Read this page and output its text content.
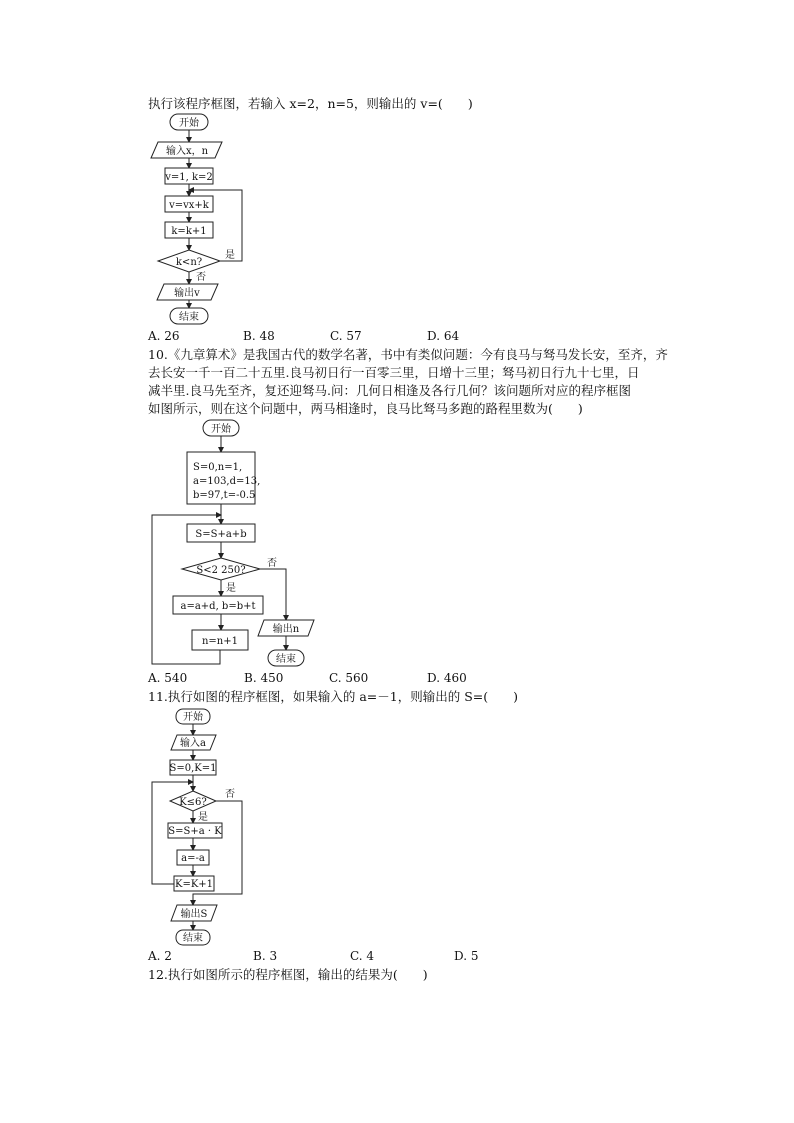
执行该程序框图，若输入 x=2，n=5，则输出的 v=(　　)
开始
输入x，n
v=1, k=2
v=vx+k
k=k+1
k<n?
是
否
输出v
结束
A. 26	B. 48	C. 57	D. 64
10.《九章算术》是我国古代的数学名著，书中有类似问题：今有良马与驽马发长安，至齐，齐
去长安一千一百二十五里.良马初日行一百零三里，日增十三里；驽马初日行九十七里，日
减半里.良马先至齐，复还迎驽马.问：几何日相逢及各行几何？该问题所对应的程序框图
如图所示，则在这个问题中，两马相逢时，良马比驽马多跑的路程里数为(　　)
开始
S=0,n=1,
a=103,d=13,
b=97,t=-0.5
S=S+a+b
S<2 250?
否
是
a=a+d, b=b+t
n=n+1
输出n
结束
A. 540	B. 450	C. 560	D. 460
11.执行如图的程序框图，如果输入的 a=－1，则输出的 S=(　　)
开始
输入a
S=0,K=1
K≤6?
否
是
S=S+a · K
a=-a
K=K+1
输出S
结束
A. 2	B. 3	C. 4	D. 5
12.执行如图所示的程序框图，输出的结果为(　　)
